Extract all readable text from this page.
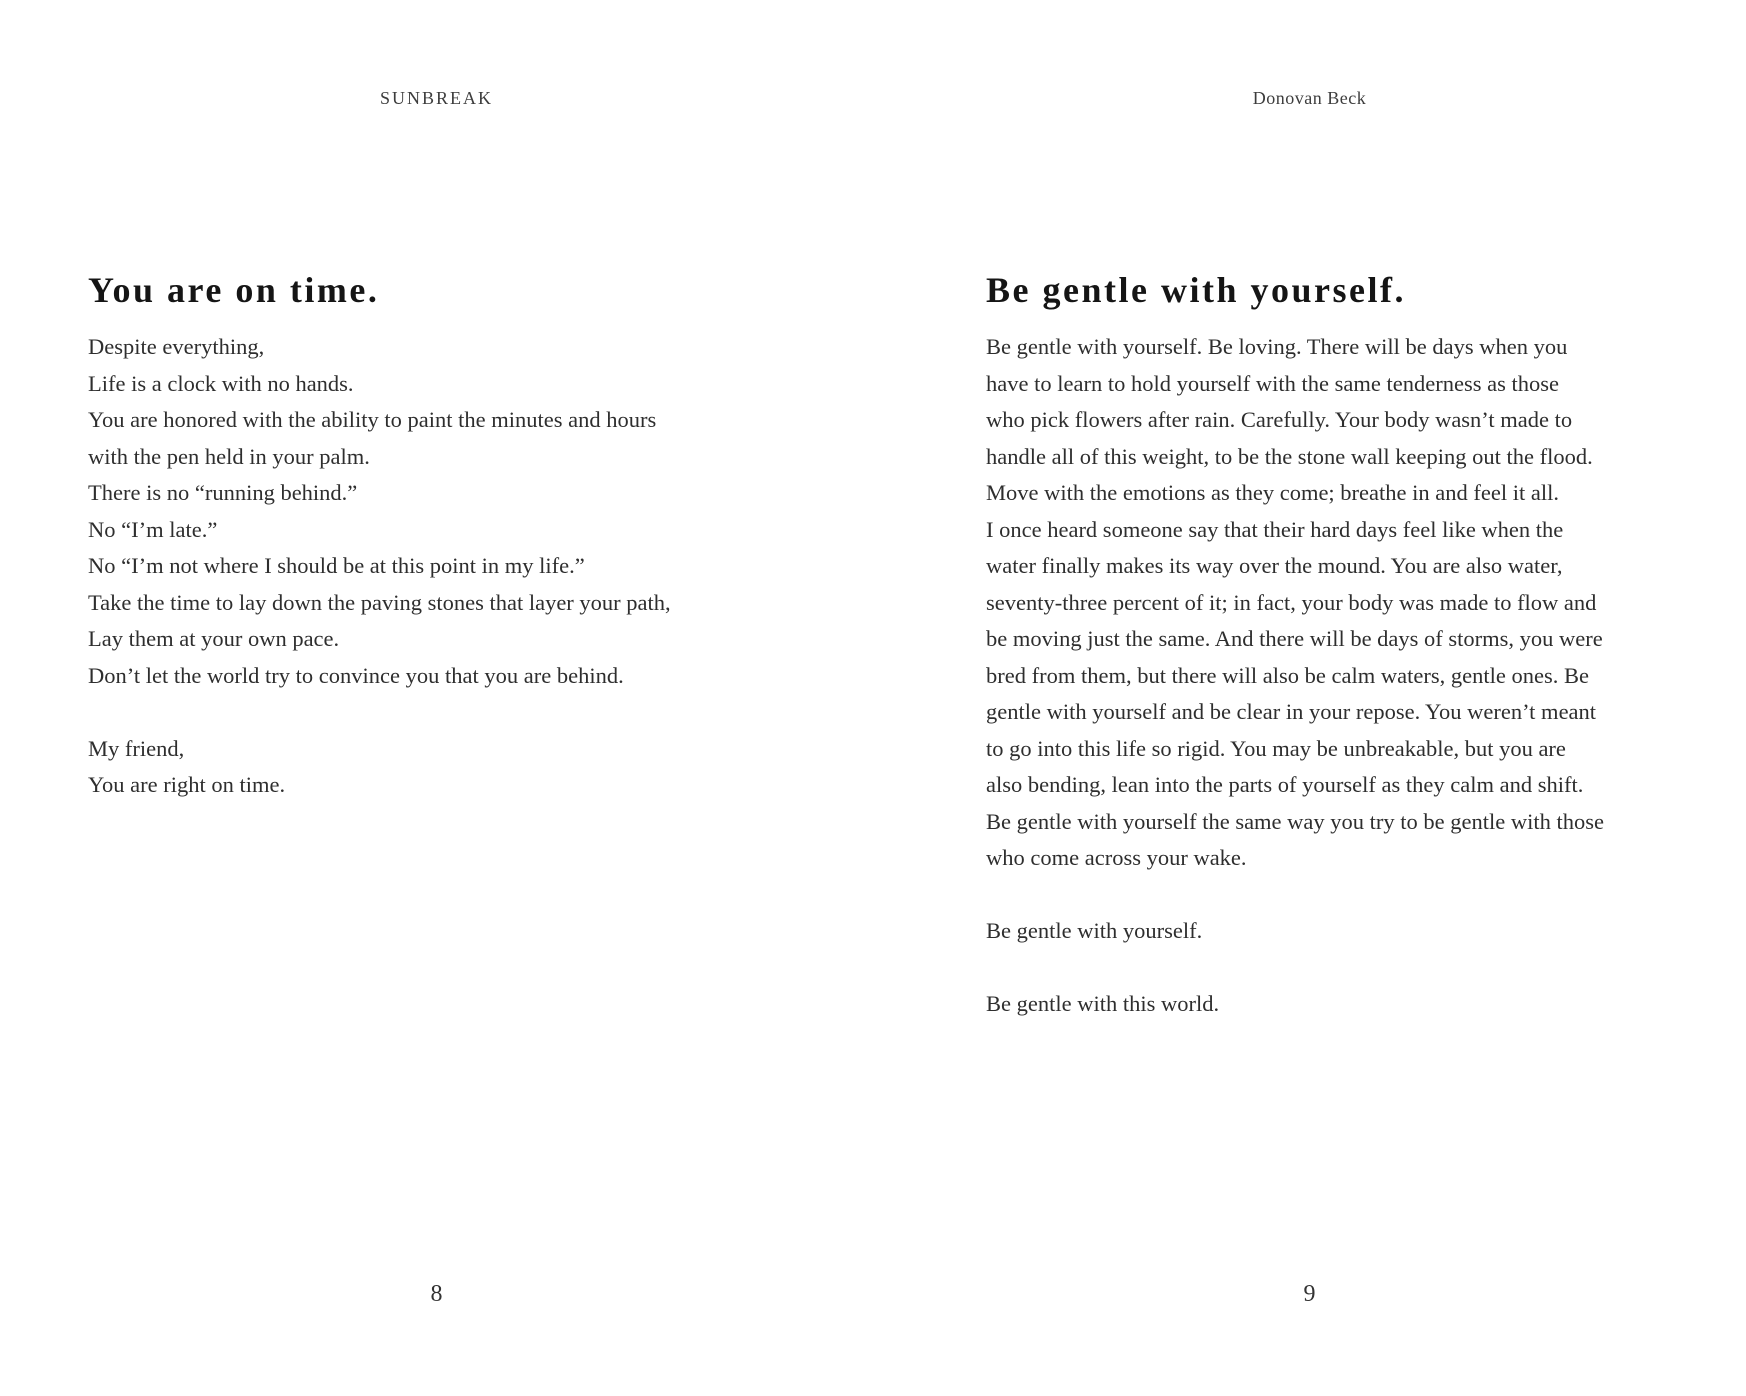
SUNBREAK
You are on time.
Despite everything,
Life is a clock with no hands.
You are honored with the ability to paint the minutes and hours
with the pen held in your palm.
There is no “running behind.”
No “I’m late.”
No “I’m not where I should be at this point in my life.”
Take the time to lay down the paving stones that layer your path,
Lay them at your own pace.
Don’t let the world try to convince you that you are behind.
My friend,
You are right on time.
8
Donovan Beck
Be gentle with yourself.
Be gentle with yourself. Be loving. There will be days when you
have to learn to hold yourself with the same tenderness as those
who pick flowers after rain. Carefully. Your body wasn’t made to
handle all of this weight, to be the stone wall keeping out the flood.
Move with the emotions as they come; breathe in and feel it all.
I once heard someone say that their hard days feel like when the
water finally makes its way over the mound. You are also water,
seventy-three percent of it; in fact, your body was made to flow and
be moving just the same. And there will be days of storms, you were
bred from them, but there will also be calm waters, gentle ones. Be
gentle with yourself and be clear in your repose. You weren’t meant
to go into this life so rigid. You may be unbreakable, but you are
also bending, lean into the parts of yourself as they calm and shift.
Be gentle with yourself the same way you try to be gentle with those
who come across your wake.
Be gentle with yourself.
Be gentle with this world.
9
